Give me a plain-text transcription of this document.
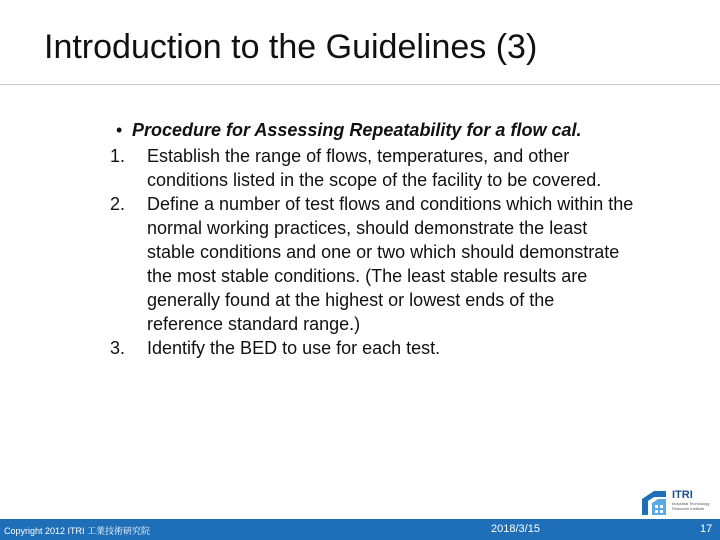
Introduction to the Guidelines (3)
• Procedure for Assessing Repeatability for a flow cal.
1. Establish the range of flows, temperatures, and other
conditions listed in the scope of the facility to be covered.
2. Define a number of test flows and conditions which within the
normal working practices, should demonstrate the least
stable conditions and one or two which should demonstrate
the most stable conditions. (The least stable results are
generally found at the highest or lowest ends of the
reference standard range.)
3. Identify the BED to use for each test.
ITRI
Industrial Technology Research Institute
Copyright 2012 ITRI 工業技術研究院	2018/3/15	17
